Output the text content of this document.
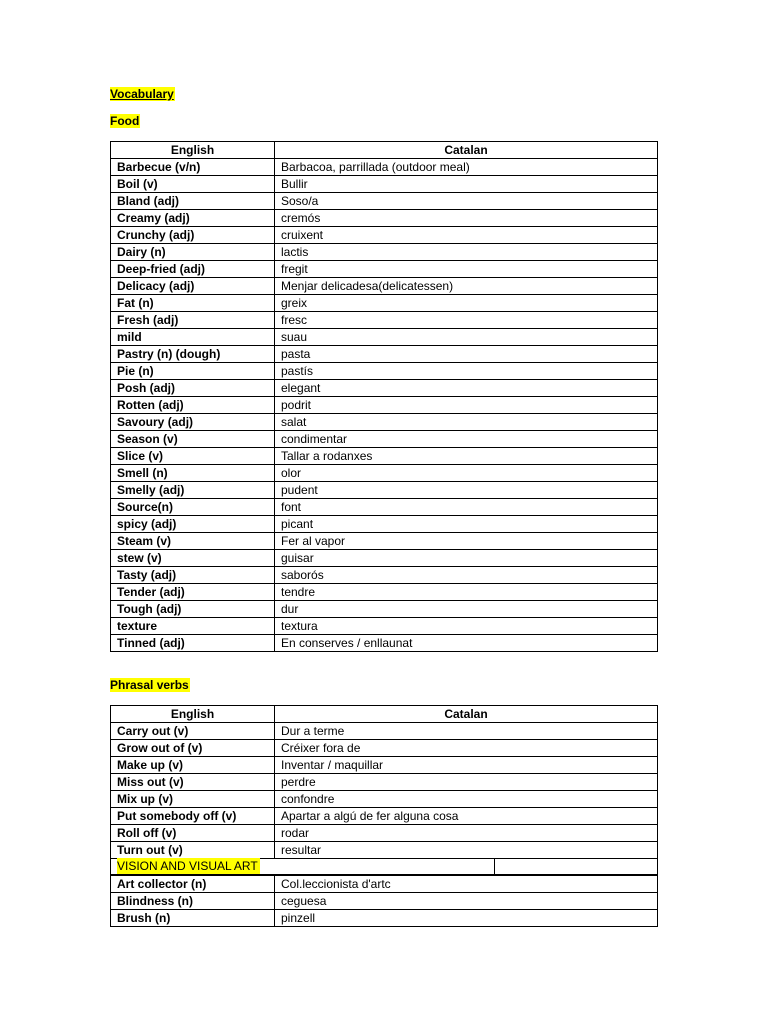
Vocabulary
Food
English	Catalan
Barbecue (v/n)	Barbacoa, parrillada (outdoor meal)
Boil (v)	Bullir
Bland (adj)	Soso/a
Creamy (adj)	cremós
Crunchy (adj)	cruixent
Dairy (n)	lactis
Deep-fried (adj)	fregit
Delicacy (adj)	Menjar delicadesa(delicatessen)
Fat (n)	greix
Fresh (adj)	fresc
mild	suau
Pastry (n) (dough)	pasta
Pie (n)	pastís
Posh (adj)	elegant
Rotten (adj)	podrit
Savoury (adj)	salat
Season (v)	condimentar
Slice (v)	Tallar a rodanxes
Smell (n)	olor
Smelly (adj)	pudent
Source(n)	font
spicy (adj)	picant
Steam (v)	Fer al vapor
stew (v)	guisar
Tasty (adj)	saborós
Tender (adj)	tendre
Tough (adj)	dur
texture	textura
Tinned (adj)	En conserves / enllaunat
Phrasal verbs
English	Catalan
Carry out (v)	Dur a terme
Grow out of (v)	Créixer fora de
Make up (v)	Inventar / maquillar
Miss out (v)	perdre
Mix up (v)	confondre
Put somebody off (v)	Apartar a algú de fer alguna cosa
Roll off (v)	rodar
Turn out (v)	resultar
VISION AND VISUAL ART
Art collector (n)	Col.leccionista d'artc
Blindness (n)	ceguesa
Brush (n)	pinzell
